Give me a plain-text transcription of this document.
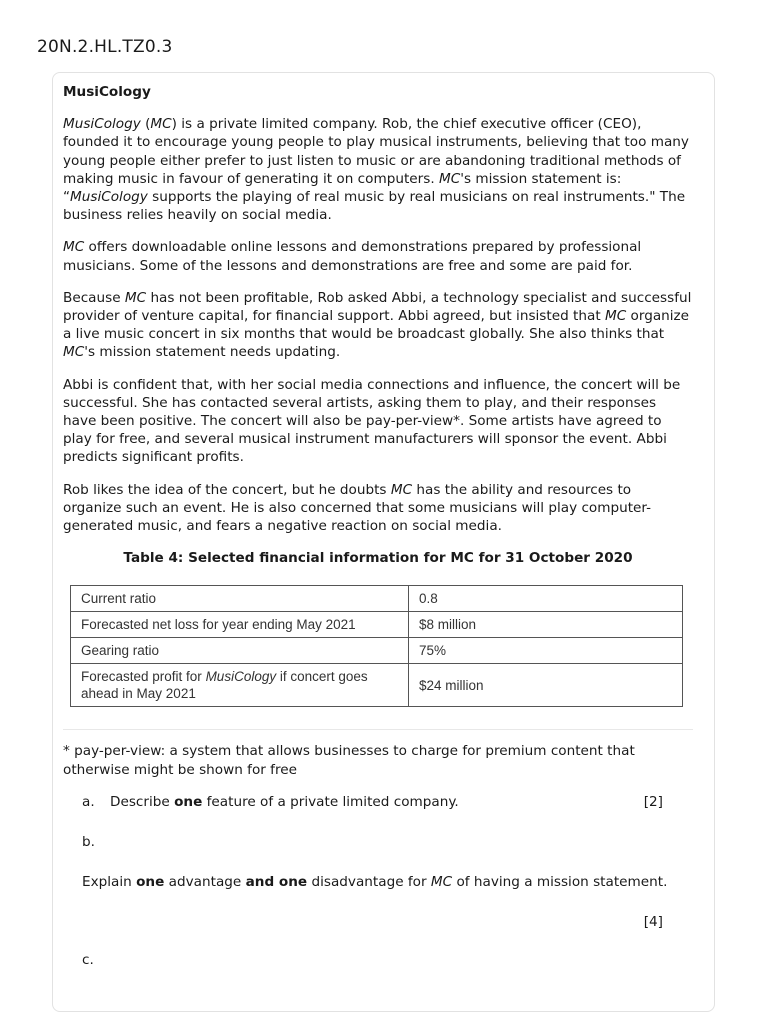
20N.2.HL.TZ0.3
MusiCology

MusiCology (MC) is a private limited company. Rob, the chief executive officer (CEO), founded it to encourage young people to play musical instruments, believing that too many young people either prefer to just listen to music or are abandoning traditional methods of making music in favour of generating it on computers. MC's mission statement is: “MusiCology supports the playing of real music by real musicians on real instruments." The business relies heavily on social media.

MC offers downloadable online lessons and demonstrations prepared by professional musicians. Some of the lessons and demonstrations are free and some are paid for.

Because MC has not been profitable, Rob asked Abbi, a technology specialist and successful provider of venture capital, for financial support. Abbi agreed, but insisted that MC organize a live music concert in six months that would be broadcast globally. She also thinks that MC's mission statement needs updating.

Abbi is confident that, with her social media connections and influence, the concert will be successful. She has contacted several artists, asking them to play, and their responses have been positive. The concert will also be pay-per-view*. Some artists have agreed to play for free, and several musical instrument manufacturers will sponsor the event. Abbi predicts significant profits.

Rob likes the idea of the concert, but he doubts MC has the ability and resources to organize such an event. He is also concerned that some musicians will play computer-generated music, and fears a negative reaction on social media.

Table 4: Selected financial information for MC for 31 October 2020
Current ratio	0.8
Forecasted net loss for year ending May 2021	$8 million
Gearing ratio	75%
Forecasted profit for MusiCology if concert goes ahead in May 2021	$24 million

* pay-per-view: a system that allows businesses to charge for premium content that otherwise might be shown for free

a. Describe one feature of a private limited company.	[2]
b.
Explain one advantage and one disadvantage for MC of having a mission statement.
[4]
c.
